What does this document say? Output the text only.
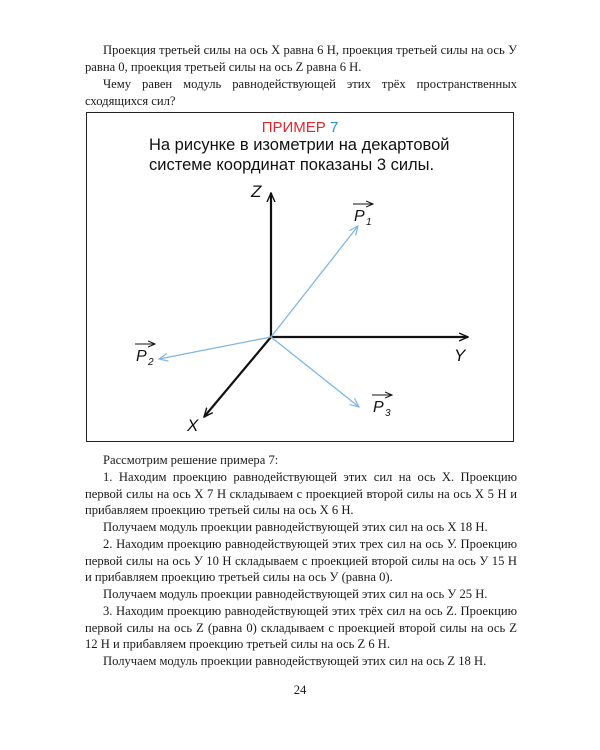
Проекция третьей силы на ось X равна 6 Н, проекция третьей силы на ось У равна 0, проекция третьей силы на ось Z равна 6 Н.

Чему равен модуль равнодействующей этих трёх пространственных сходящихся сил?

ПРИМЕР 7
На рисунке в изометрии на декартовой системе координат показаны 3 силы.
Z
Y
X
P 1
P 2
P 3

Рассмотрим решение примера 7:

1. Находим проекцию равнодействующей этих сил на ось X. Проекцию первой силы на ось X 7 Н складываем с проекцией второй силы на ось X 5 Н и прибавляем проекцию третьей силы на ось X 6 Н.

Получаем модуль проекции равнодействующей этих сил на ось X 18 Н.

2. Находим проекцию равнодействующей этих трех сил на ось У. Проекцию первой силы на ось У 10 Н складываем с проекцией второй силы на ось У 15 Н и прибавляем проекцию третьей силы на ось У (равна 0).

Получаем модуль проекции равнодействующей этих сил на ось У 25 Н.

3. Находим проекцию равнодействующей этих трёх сил на ось Z. Проекцию первой силы на ось Z (равна 0) складываем с проекцией второй силы на ось Z 12 Н и прибавляем проекцию третьей силы на ось Z 6 Н.

Получаем модуль проекции равнодействующей этих сил на ось Z 18 Н.

24
